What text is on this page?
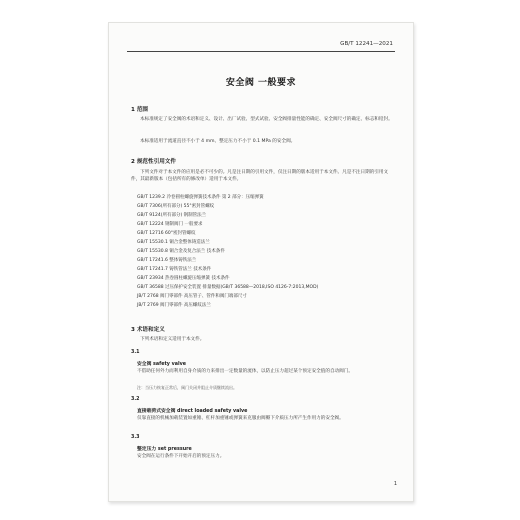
GB/T 12241—2021
安全阀 一般要求
1 范围
本标准规定了安全阀的术语和定义、设计、出厂试验、型式试验、安全阀排量性能的确定、安全阀尺寸的确定、标志和铅封。
本标准适用于流道直径不小于 4 mm、整定压力不小于 0.1 MPa 的安全阀。
2 规范性引用文件
下列文件对于本文件的应用是必不可少的。凡是注日期的引用文件，仅注日期的版本适用于本文件。凡是不注日期的引用文件，其最新版本（包括所有的修改单）适用于本文件。
GB/T 1239.2 冷卷圆柱螺旋弹簧技术条件 第 2 部分：压缩弹簧
GB/T 7306(所有部分) 55°密封管螺纹
GB/T 9124(所有部分) 钢制管法兰
GB/T 12224 钢制阀门 一般要求
GB/T 12716 60°密封管螺纹
GB/T 15530.1 铜合金整体铸造法兰
GB/T 15530.8 铜合金及复合法兰 技术条件
GB/T 17241.6 整体铸铁法兰
GB/T 17241.7 铸铁管法兰 技术条件
GB/T 23934 热卷圆柱螺旋压缩弹簧 技术条件
GB/T 36588 过压保护安全装置 排量数据(GB/T 36588—2018,ISO 4126-7:2013,MOD)
JB/T 2768 阀门零部件 高压管子、管件和阀门端部尺寸
JB/T 2769 阀门零部件 高压螺纹法兰
3 术语和定义
下列术语和定义适用于本文件。
3.1
安全阀 safety valve
不借助任何外力而利用自身介质的力来排出一定数量的流体，以防止压力超过某个预定安全值的自动阀门。
注：当压力恢复正常后，阀门关闭并阻止介质继续流出。
3.2
直接载荷式安全阀 direct loaded safety valve
仅靠直接的机械加载装置如重锤、杠杆加重锤或弹簧来克服由阀瓣下介质压力所产生作用力的安全阀。
3.3
整定压力 set pressure
安全阀在运行条件下开始开启的预定压力。
1
